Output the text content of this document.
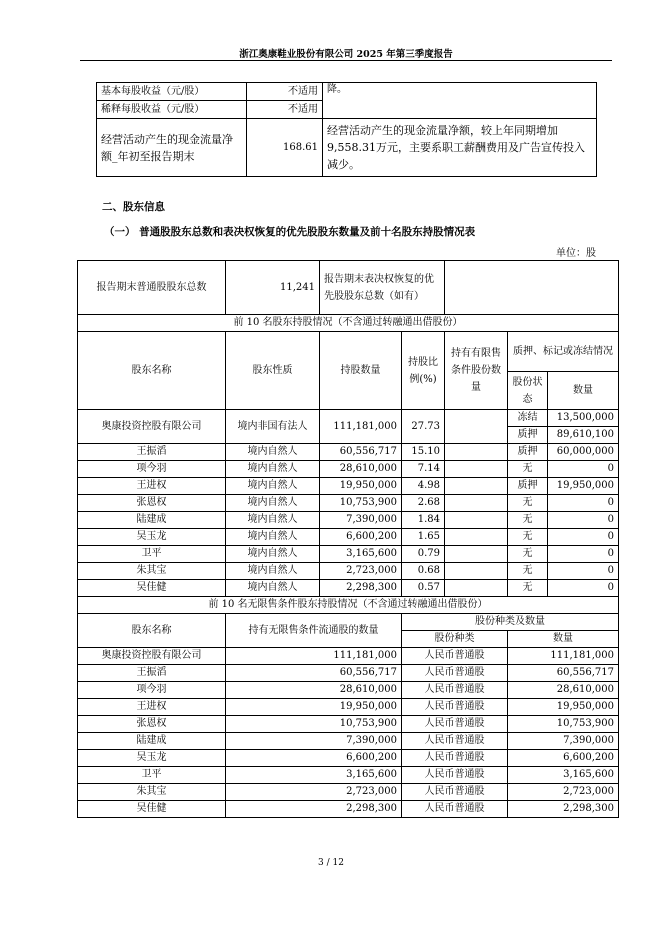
浙江奥康鞋业股份有限公司 2025 年第三季度报告
基本每股收益（元/股）	不适用	降。
稀释每股收益（元/股）	不适用	
经营活动产生的现金流量净额_年初至报告期末	168.61	经营活动产生的现金流量净额，较上年同期增加9,558.31万元，主要系职工薪酬费用及广告宣传投入减少。
二、股东信息
（一） 普通股股东总数和表决权恢复的优先股股东数量及前十名股东持股情况表
单位：股
报告期末普通股股东总数	11,241	报告期末表决权恢复的优先股股东总数（如有）				
前 10 名股东持股情况（不含通过转融通出借股份）						
股东名称	股东性质	持股数量	持股比例(%)	持有有限售条件股份数量	质押、标记或冻结情况	
					股份状态	数量
奥康投资控股有限公司	境内非国有法人	111,181,000	27.73		冻结	13,500,000
					质押	89,610,100
王振滔	境内自然人	60,556,717	15.10		质押	60,000,000
项今羽	境内自然人	28,610,000	7.14		无	0
王进权	境内自然人	19,950,000	4.98		质押	19,950,000
张恩权	境内自然人	10,753,900	2.68		无	0
陆建成	境内自然人	7,390,000	1.84		无	0
吴玉龙	境内自然人	6,600,200	1.65		无	0
卫平	境内自然人	3,165,600	0.79		无	0
朱其宝	境内自然人	2,723,000	0.68		无	0
吴佳健	境内自然人	2,298,300	0.57		无	0
前 10 名无限售条件股东持股情况（不含通过转融通出借股份）						
股东名称	持有无限售条件流通股的数量		股份种类及数量			
			股份种类		数量	
奥康投资控股有限公司	111,181,000		人民币普通股		111,181,000	
王振滔	60,556,717		人民币普通股		60,556,717	
项今羽	28,610,000		人民币普通股		28,610,000	
王进权	19,950,000		人民币普通股		19,950,000	
张恩权	10,753,900		人民币普通股		10,753,900	
陆建成	7,390,000		人民币普通股		7,390,000	
吴玉龙	6,600,200		人民币普通股		6,600,200	
卫平	3,165,600		人民币普通股		3,165,600	
朱其宝	2,723,000		人民币普通股		2,723,000	
吴佳健	2,298,300		人民币普通股		2,298,300	
3 / 12
